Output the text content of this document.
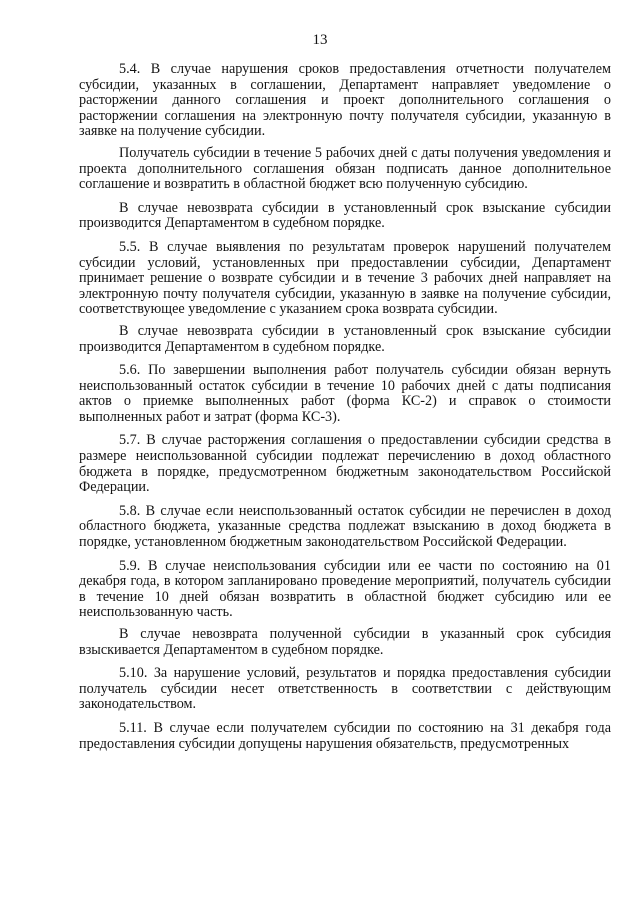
13

5.4. В случае нарушения сроков предоставления отчетности получателем субсидии, указанных в соглашении, Департамент направляет уведомление о расторжении данного соглашения и проект дополнительного соглашения о расторжении соглашения на электронную почту получателя субсидии, указанную в заявке на получение субсидии.

Получатель субсидии в течение 5 рабочих дней с даты получения уведомления и проекта дополнительного соглашения обязан подписать данное дополнительное соглашение и возвратить в областной бюджет всю полученную субсидию.

В случае невозврата субсидии в установленный срок взыскание субсидии производится Департаментом в судебном порядке.

5.5. В случае выявления по результатам проверок нарушений получателем субсидии условий, установленных при предоставлении субсидии, Департамент принимает решение о возврате субсидии и в течение 3 рабочих дней направляет на электронную почту получателя субсидии, указанную в заявке на получение субсидии, соответствующее уведомление с указанием срока возврата субсидии.

В случае невозврата субсидии в установленный срок взыскание субсидии производится Департаментом в судебном порядке.

5.6. По завершении выполнения работ получатель субсидии обязан вернуть неиспользованный остаток субсидии в течение 10 рабочих дней с даты подписания актов о приемке выполненных работ (форма КС-2) и справок о стоимости выполненных работ и затрат (форма КС-3).

5.7. В случае расторжения соглашения о предоставлении субсидии средства в размере неиспользованной субсидии подлежат перечислению в доход областного бюджета в порядке, предусмотренном бюджетным законодательством Российской Федерации.

5.8. В случае если неиспользованный остаток субсидии не перечислен в доход областного бюджета, указанные средства подлежат взысканию в доход бюджета в порядке, установленном бюджетным законодательством Российской Федерации.

5.9. В случае неиспользования субсидии или ее части по состоянию на 01 декабря года, в котором запланировано проведение мероприятий, получатель субсидии в течение 10 дней обязан возвратить в областной бюджет субсидию или ее неиспользованную часть.

В случае невозврата полученной субсидии в указанный срок субсидия взыскивается Департаментом в судебном порядке.

5.10. За нарушение условий, результатов и порядка предоставления субсидии получатель субсидии несет ответственность в соответствии с действующим законодательством.

5.11. В случае если получателем субсидии по состоянию на 31 декабря года предоставления субсидии допущены нарушения обязательств, предусмотренных
